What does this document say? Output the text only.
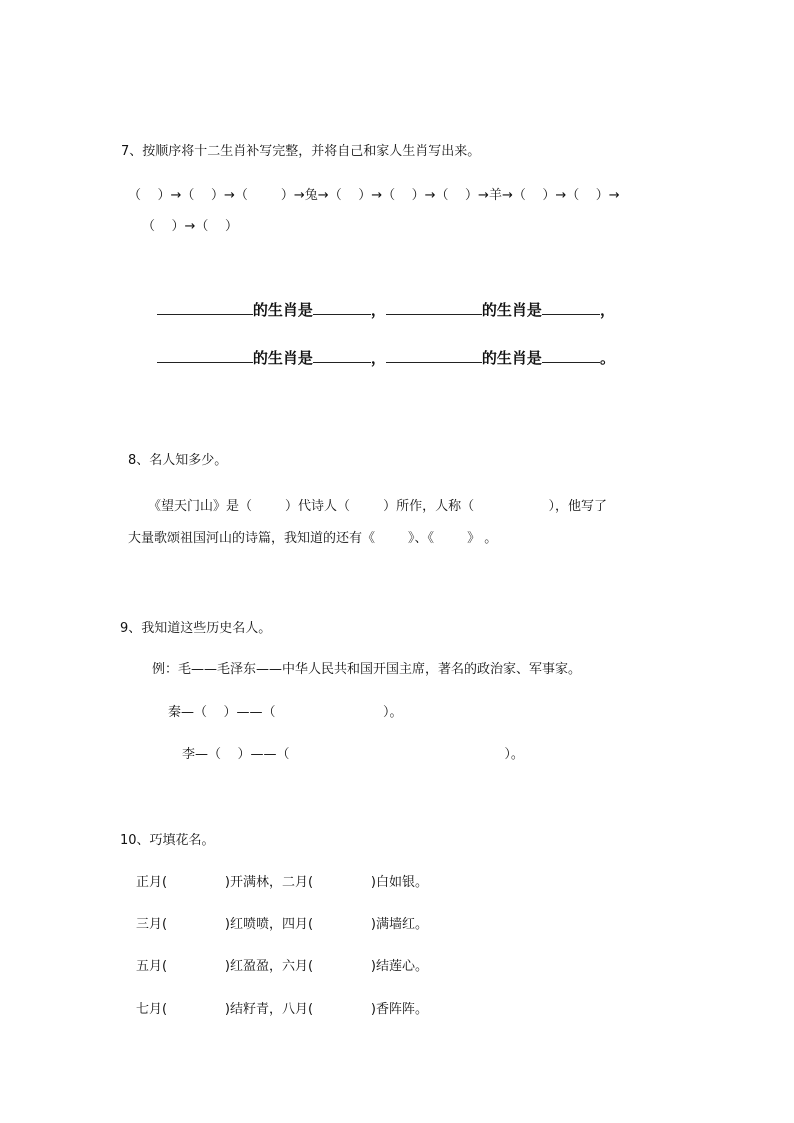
7、按顺序将十二生肖补写完整，并将自己和家人生肖写出来。
（    ）→（    ）→（        ）→兔→（    ）→（    ）→（    ）→羊→（    ）→（    ）→
（    ）→（    ）

的生肖是	，	的生肖是	，

的生肖是	，	的生肖是	。

8、名人知多少。
《望天门山》是（        ）代诗人（        ）所作，人称（                  ），他写了
大量歌颂祖国河山的诗篇，我知道的还有《        》、《        》 。
9、我知道这些历史名人。
例：毛——毛泽东——中华人民共和国开国主席，著名的政治家、军事家。
秦—（    ）——（                          ）。
李—（    ）——（                                                    ）。
10、巧填花名。
正月(              )开满林，二月(              )白如银。
三月(              )红喷喷，四月(              )满墙红。
五月(              )红盈盈，六月(              )结莲心。
七月(              )结籽青，八月(              )香阵阵。
